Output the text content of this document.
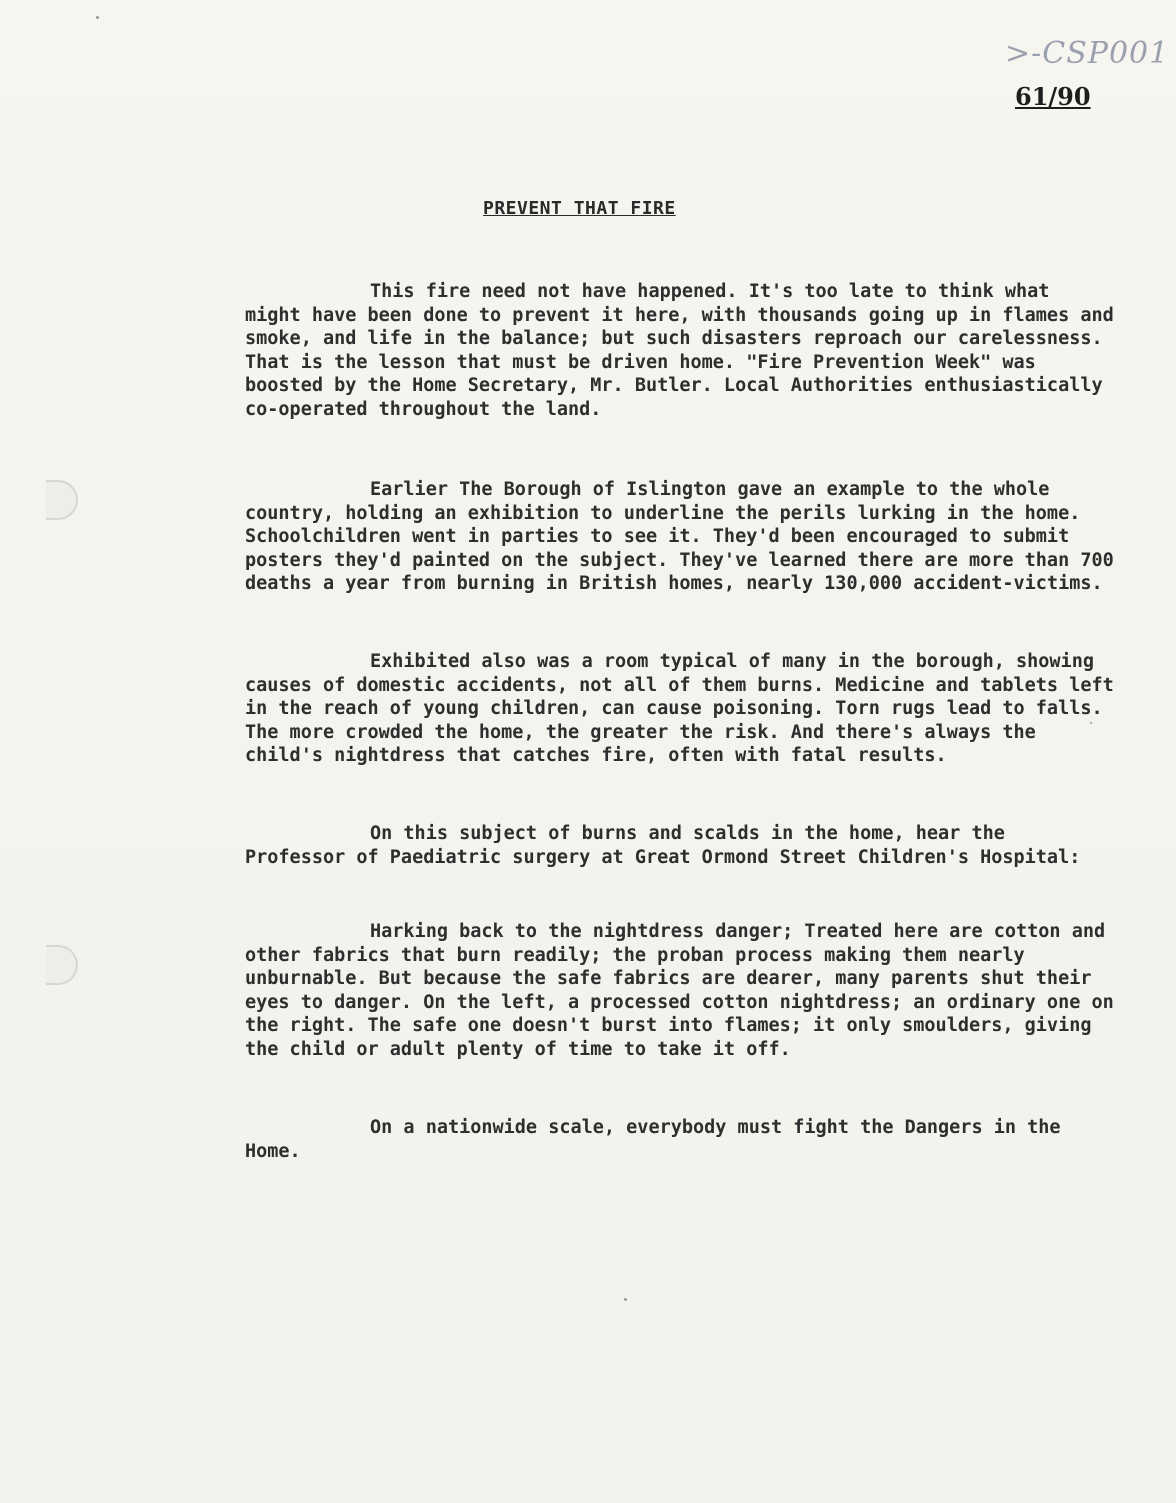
>-CSP001
61/90
PREVENT THAT FIRE
This fire need not have happened. It's too late to think what might have been done to prevent it here, with thousands going up in flames and smoke, and life in the balance; but such disasters reproach our carelessness. That is the lesson that must be driven home. "Fire Prevention Week" was boosted by the Home Secretary, Mr. Butler. Local Authorities enthusiastically co-operated throughout the land.
Earlier The Borough of Islington gave an example to the whole country, holding an exhibition to underline the perils lurking in the home. Schoolchildren went in parties to see it. They'd been encouraged to submit posters they'd painted on the subject. They've learned there are more than 700 deaths a year from burning in British homes, nearly 130,000 accident-victims.
Exhibited also was a room typical of many in the borough, showing causes of domestic accidents, not all of them burns. Medicine and tablets left in the reach of young children, can cause poisoning. Torn rugs lead to falls. The more crowded the home, the greater the risk. And there's always the child's nightdress that catches fire, often with fatal results.
On this subject of burns and scalds in the home, hear the Professor of Paediatric surgery at Great Ormond Street Children's Hospital:
Harking back to the nightdress danger; Treated here are cotton and other fabrics that burn readily; the proban process making them nearly unburnable. But because the safe fabrics are dearer, many parents shut their eyes to danger. On the left, a processed cotton nightdress; an ordinary one on the right. The safe one doesn't burst into flames; it only smoulders, giving the child or adult plenty of time to take it off.
On a nationwide scale, everybody must fight the Dangers in the Home.
